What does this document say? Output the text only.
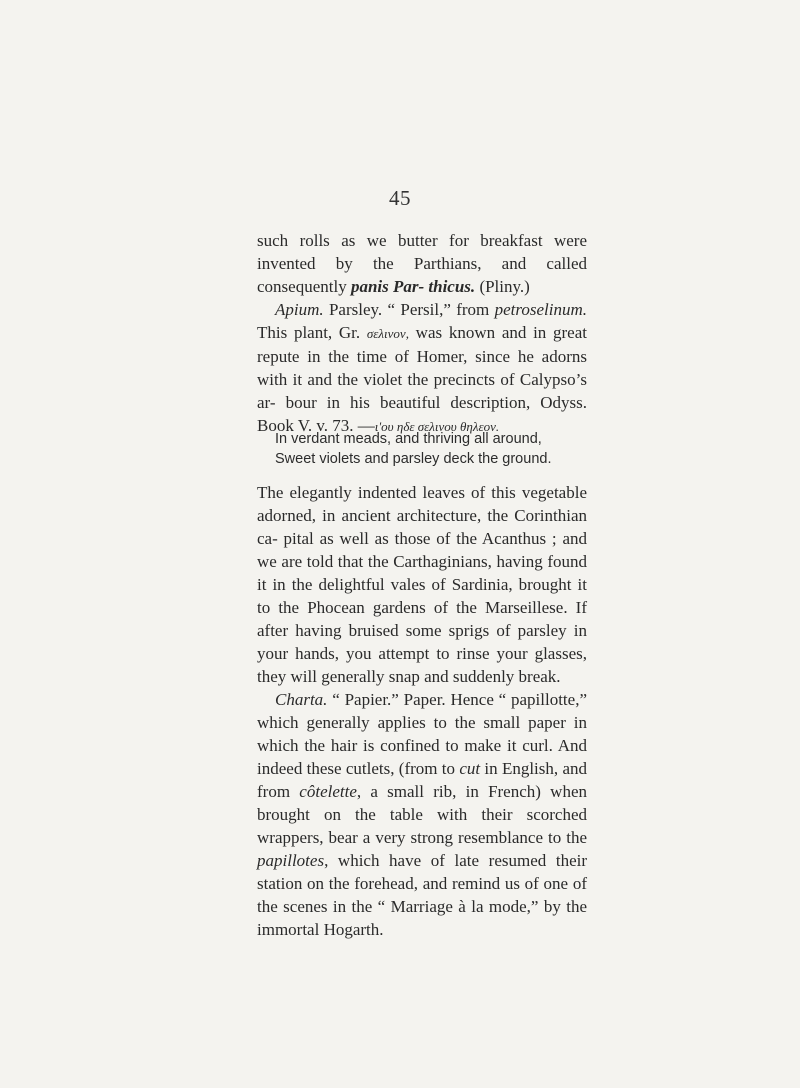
45

such rolls as we butter for breakfast were invented by the Parthians, and called consequently panis Par- thicus. (Pliny.)

Apium. Parsley. “ Persil,” from petroselinum. This plant, Gr. σελινον, was known and in great repute in the time of Homer, since he adorns with it and the violet the precincts of Calypso’s ar- bour in his beautiful description, Odyss. Book V. v. 73. —ι'ου ηδε σελινου θηλεον.

In verdant meads, and thriving all around,
Sweet violets and parsley deck the ground.

The elegantly indented leaves of this vegetable adorned, in ancient architecture, the Corinthian ca- pital as well as those of the Acanthus ; and we are told that the Carthaginians, having found it in the delightful vales of Sardinia, brought it to the Phocean gardens of the Marseillese. If after having bruised some sprigs of parsley in your hands, you attempt to rinse your glasses, they will generally snap and suddenly break.

Charta. “ Papier.” Paper. Hence “ papillotte,” which generally applies to the small paper in which the hair is confined to make it curl. And indeed these cutlets, (from to cut in English, and from côtelette, a small rib, in French) when brought on the table with their scorched wrappers, bear a very strong resemblance to the papillotes, which have of late resumed their station on the forehead, and remind us of one of the scenes in the “ Marriage à la mode,” by the immortal Hogarth.
